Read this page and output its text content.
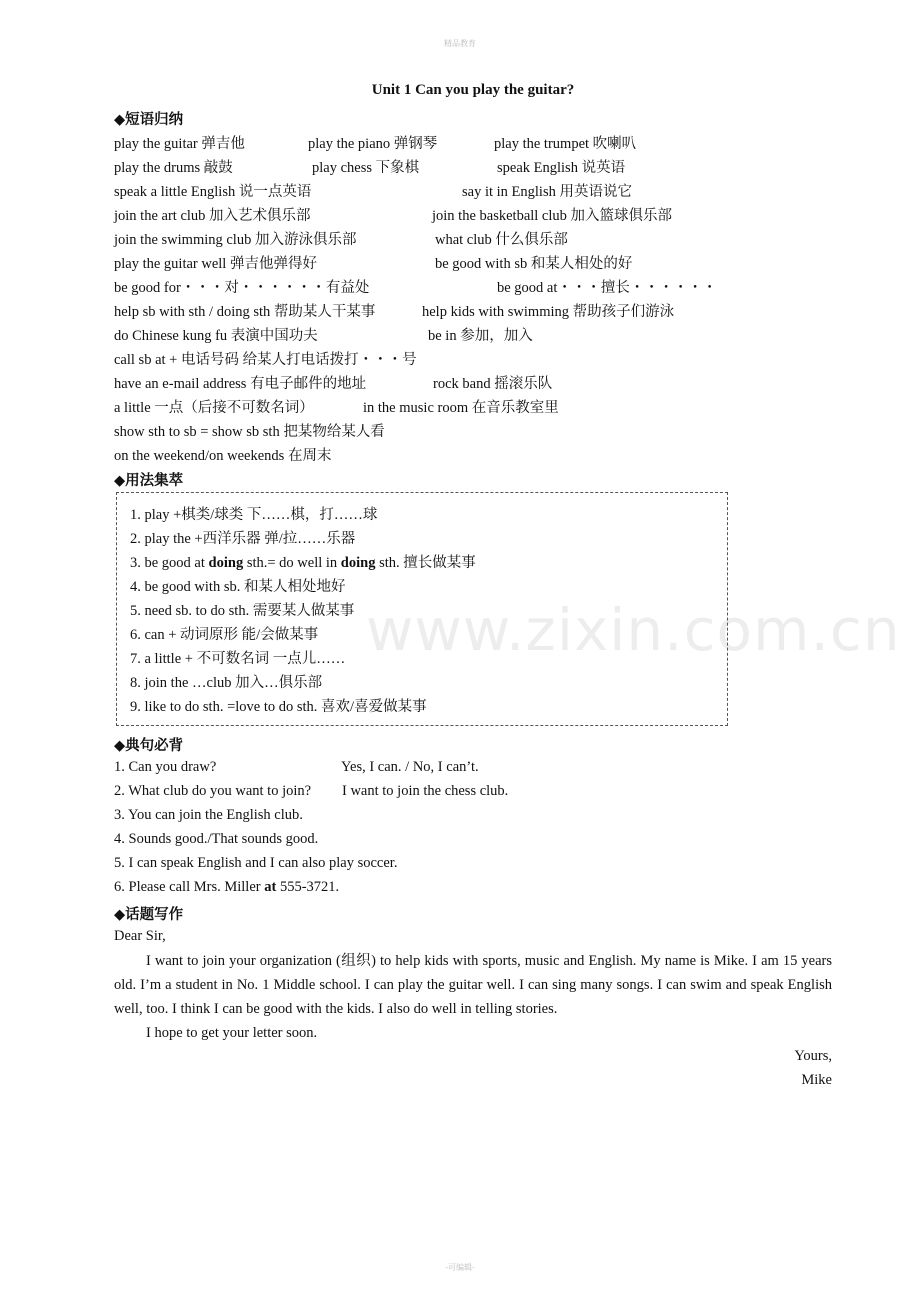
精品教育
www.zixin.com.cn
Unit 1 Can you play the guitar?
◆短语归纳
play the guitar 弹吉他	play the piano 弹钢琴	play the trumpet 吹喇叭
play the drums 敲鼓	play chess 下象棋	speak English 说英语
speak a little English 说一点英语	say it in English 用英语说它
join the art club 加入艺术俱乐部	join the basketball club 加入篮球俱乐部
join the swimming club 加入游泳俱乐部	what club 什么俱乐部
play the guitar well 弹吉他弹得好	be good with sb 和某人相处的好
be good for・・・对・・・・・・有益处	be good at・・・擅长・・・・・・
help sb with sth / doing sth 帮助某人干某事	help kids with swimming 帮助孩子们游泳
do Chinese kung fu 表演中国功夫	be in 参加，加入
call sb at + 电话号码 给某人打电话拨打・・・号
have an e-mail address 有电子邮件的地址	rock band 摇滚乐队
a little 一点（后接不可数名词）	in the music room 在音乐教室里
show sth to sb = show sb sth 把某物给某人看
on the weekend/on weekends 在周末
◆用法集萃
1. play +棋类/球类 下……棋，打……球
2. play the +西洋乐器 弹/拉……乐器
3. be good at doing sth.= do well in doing sth. 擅长做某事
4. be good with sb. 和某人相处地好
5. need sb. to do sth. 需要某人做某事
6. can + 动词原形 能/会做某事
7. a little + 不可数名词 一点儿……
8. join the …club 加入…俱乐部
9. like to do sth. =love to do sth. 喜欢/喜爱做某事
◆典句必背
1. Can you draw?	Yes, I can. / No, I can’t.
2. What club do you want to join? I want to join the chess club.
3. You can join the English club.
4. Sounds good./That sounds good.
5. I can speak English and I can also play soccer.
6. Please call Mrs. Miller at 555-3721.
◆话题写作
Dear Sir,
I want to join your organization (组织) to help kids with sports, music and English. My name is Mike. I am 15 years old. I’m a student in No. 1 Middle school. I can play the guitar well. I can sing many songs. I can swim and speak English well, too. I think I can be good with the kids. I also do well in telling stories.
I hope to get your letter soon.
Yours,
Mike
-可编辑-
